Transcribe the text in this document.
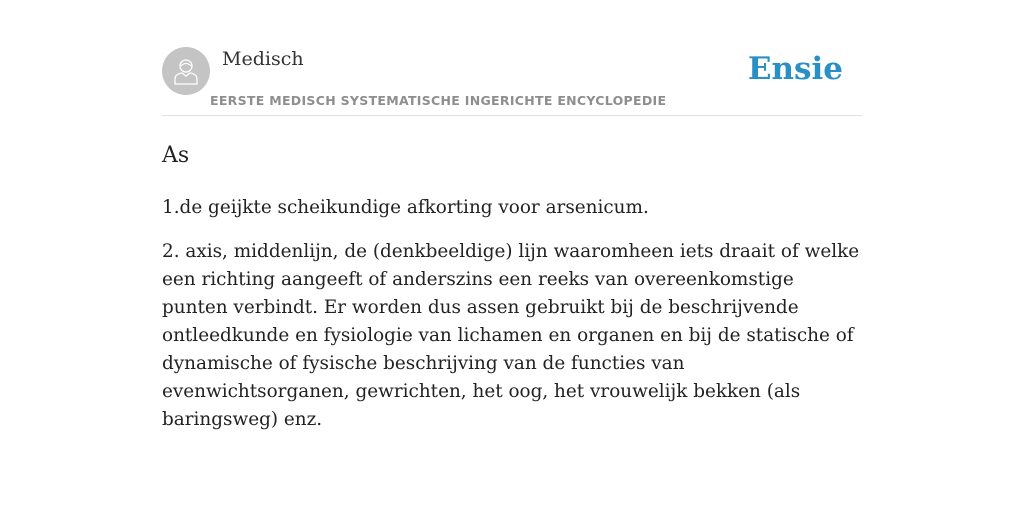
Medisch
EERSTE MEDISCH SYSTEMATISCHE INGERICHTE ENCYCLOPEDIE
Ensie
As

1.de geijkte scheikundige afkorting voor arsenicum.

2. axis, middenlijn, de (denkbeeldige) lijn waaromheen iets draait of welke een richting aangeeft of anderszins een reeks van overeenkomstige punten verbindt. Er worden dus assen gebruikt bij de beschrijvende ontleedkunde en fysiologie van lichamen en organen en bij de statische of dynamische of fysische beschrijving van de functies van evenwichtsorganen, gewrichten, het oog, het vrouwelijk bekken (als baringsweg) enz.
